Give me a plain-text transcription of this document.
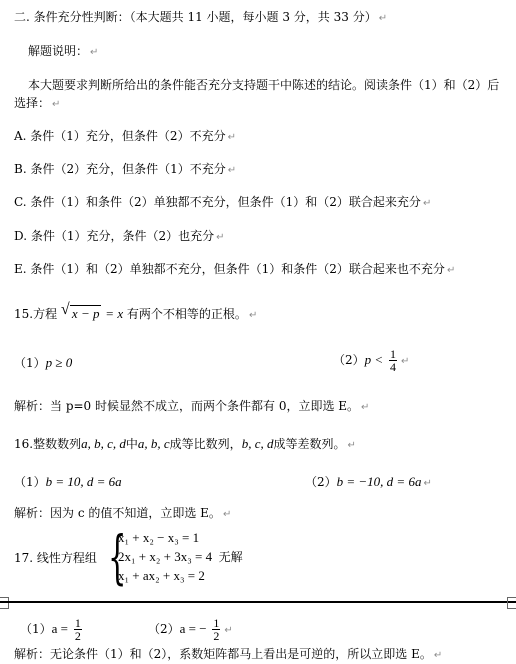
二. 条件充分性判断：（本大题共 11 小题，每小题 3 分，共 33 分） ↵
解题说明： ↵
本大题要求判断所给出的条件能否充分支持题干中陈述的结论。阅读条件（1）和（2）后
选择： ↵
A. 条件（1）充分，但条件（2）不充分 ↵
B. 条件（2）充分，但条件（1）不充分 ↵
C. 条件（1）和条件（2）单独都不充分，但条件（1）和（2）联合起来充分 ↵
D. 条件（1）充分，条件（2）也充分 ↵
E. 条件（1）和（2）单独都不充分，但条件（1）和条件（2）联合起来也不充分 ↵
15.方程 √ x − p = x 有两个不相等的正根。 ↵
（1）p ≥ 0	$(2)p < \frac{1}{4}$ ↵
解析：当 p=0 时候显然不成立，而两个条件都有 0，立即选 E。 ↵
16.整数数列a, b, c, d中a, b, c成等比数列，b, c, d成等差数列。 ↵
（1）b = 10, d = 6a	（2）b = −10, d = 6a ↵
解析：因为 c 的值不知道，立即选 E。 ↵
17. 线性方程组 {
x₁ + x₂ − x₃ = 1
2x₁ + x₂ + 3x₃ = 4 无解
x₁ + ax₂ + x₃ = 2
$(1)a = \frac{1}{2}$	（2）a = − $\frac{1}{2}$ ↵
解析：无论条件（1）和（2），系数矩阵都马上看出是可逆的，所以立即选 E。 ↵
